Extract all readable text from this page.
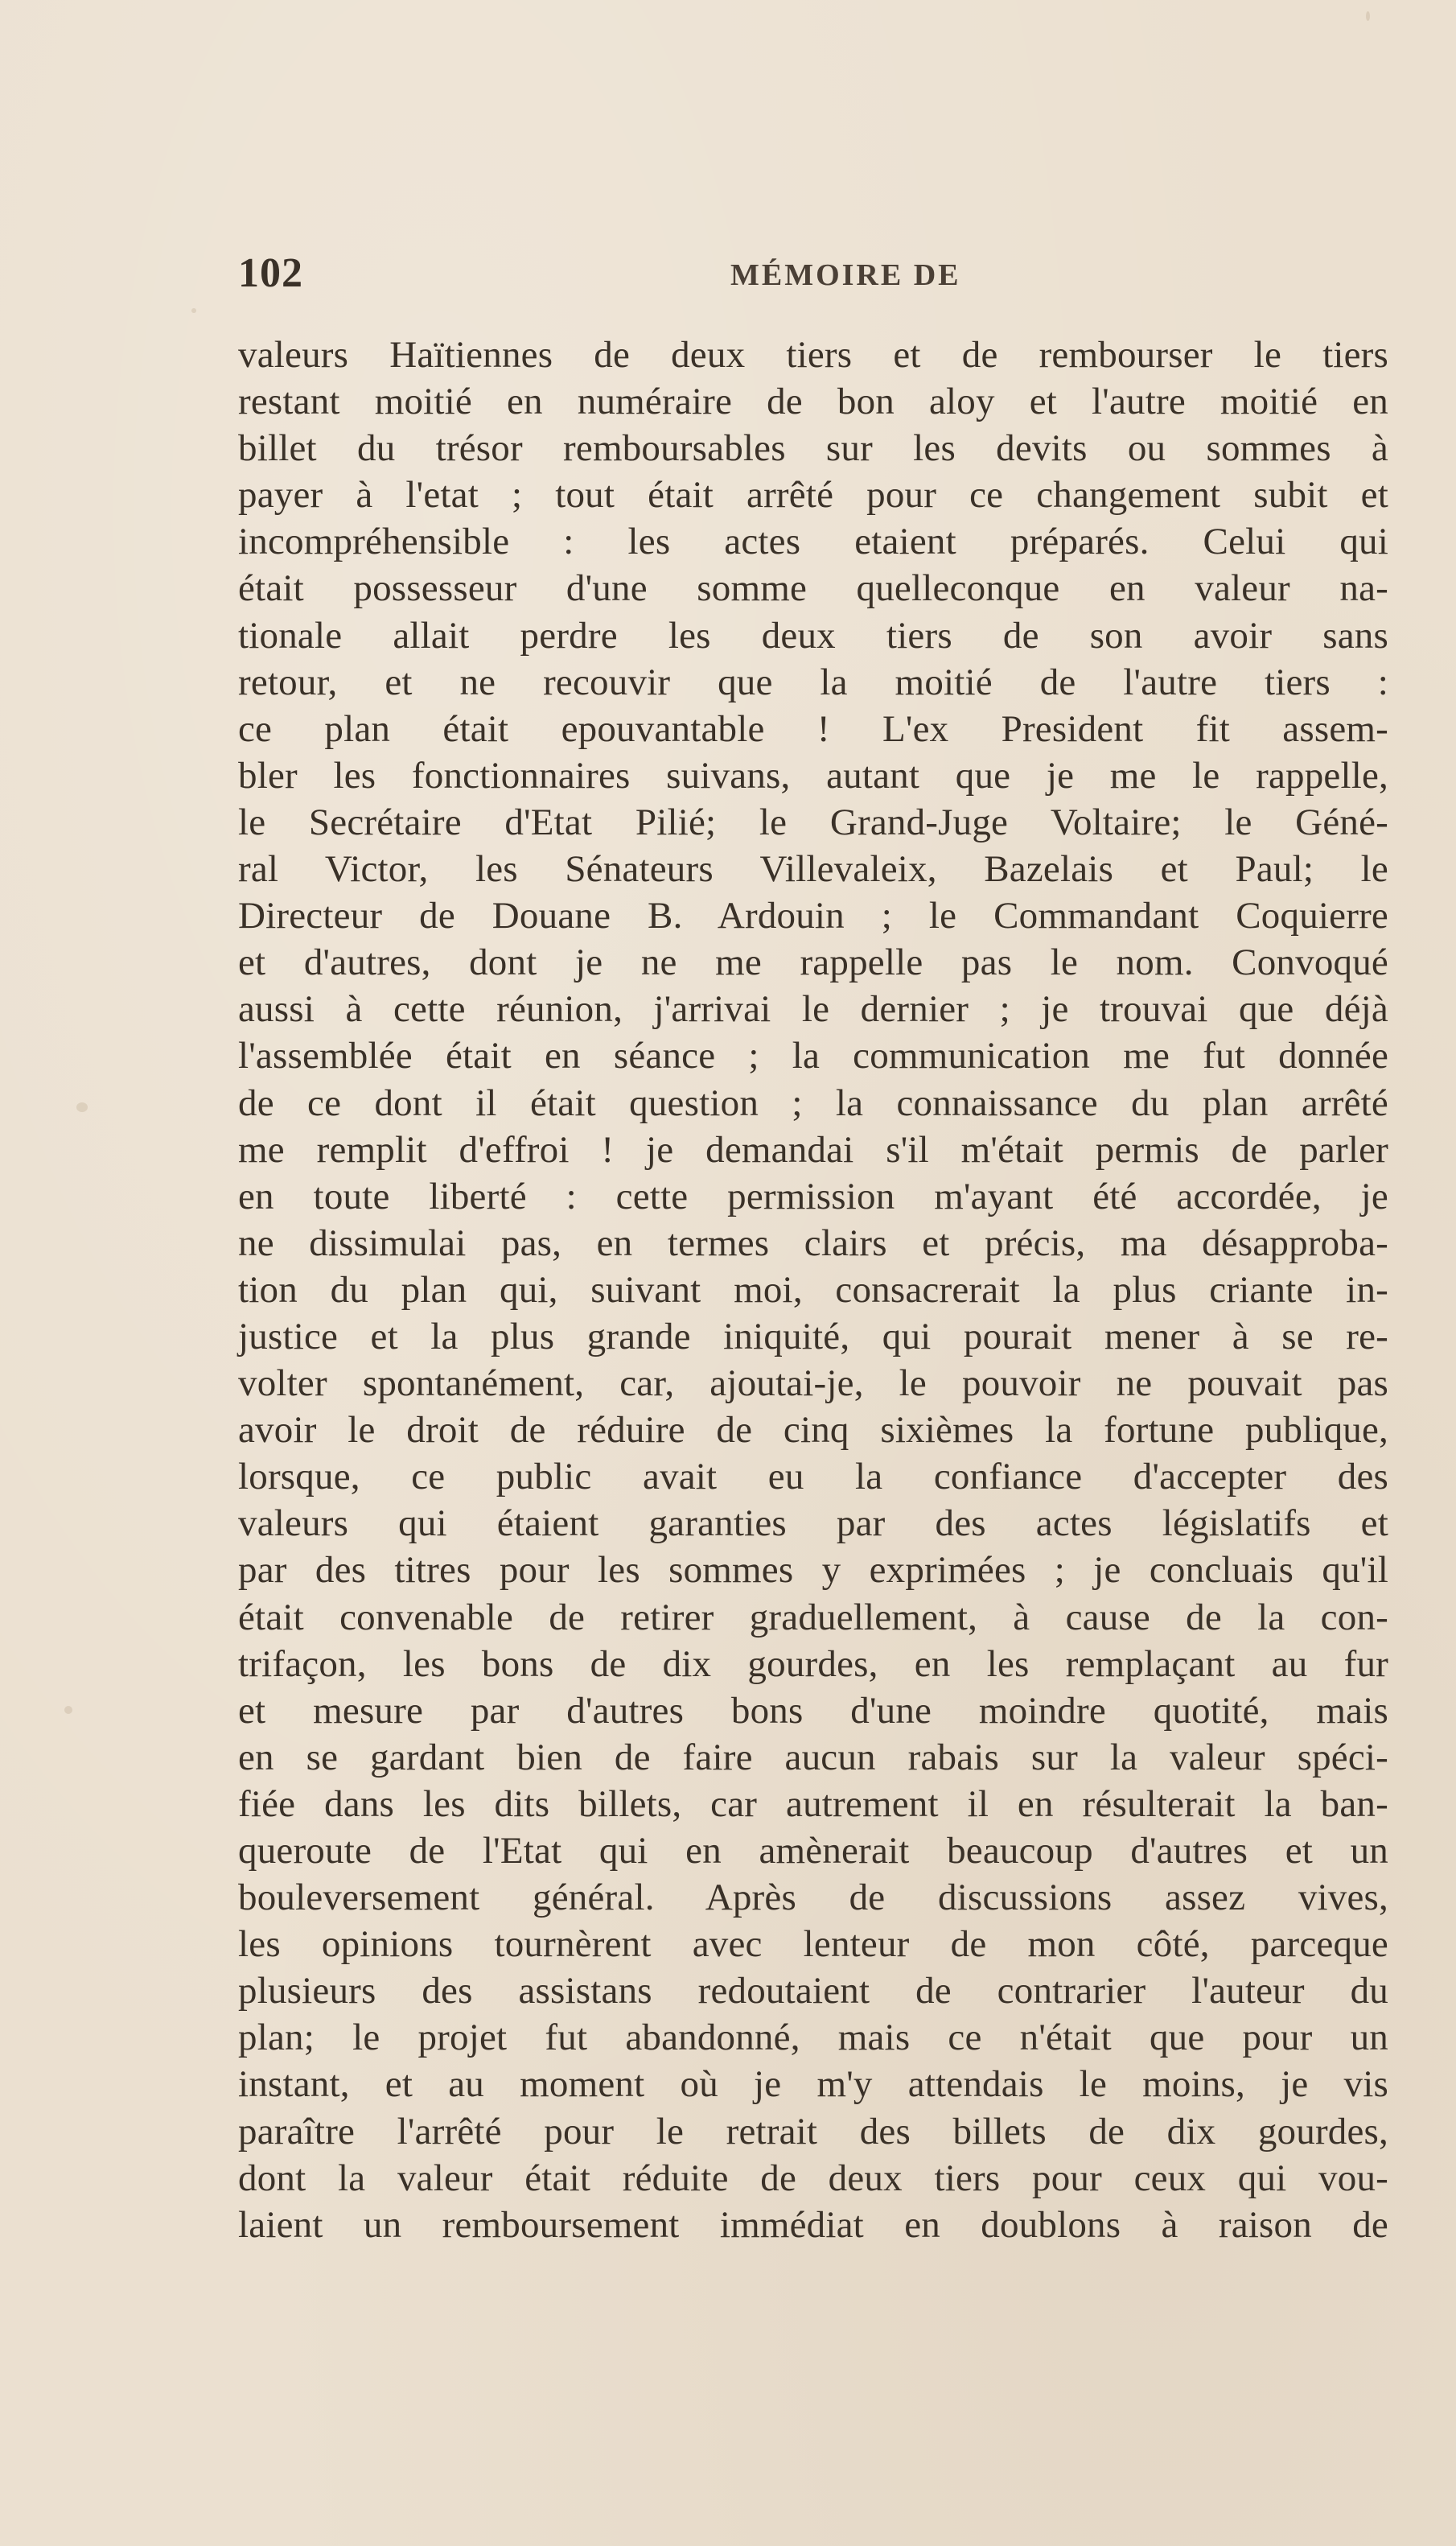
102	MÉMOIRE DE
valeurs Haïtiennes de deux tiers et de rembourser le tiers
restant moitié en numéraire de bon aloy et l'autre moitié en
billet du trésor remboursables sur les devits ou sommes à
payer à l'etat ; tout était arrêté pour ce changement subit et
incompréhensible : les actes etaient préparés. Celui qui
était possesseur d'une somme quelleconque en valeur na-
tionale allait perdre les deux tiers de son avoir sans
retour, et ne recouvir que la moitié de l'autre tiers :
ce plan était epouvantable ! L'ex President fit assem-
bler les fonctionnaires suivans, autant que je me le rappelle,
le Secrétaire d'Etat Pilié; le Grand-Juge Voltaire; le Géné-
ral Victor, les Sénateurs Villevaleix, Bazelais et Paul; le
Directeur de Douane B. Ardouin ; le Commandant Coquierre
et d'autres, dont je ne me rappelle pas le nom. Convoqué
aussi à cette réunion, j'arrivai le dernier ; je trouvai que déjà
l'assemblée était en séance ; la communication me fut donnée
de ce dont il était question ; la connaissance du plan arrêté
me remplit d'effroi ! je demandai s'il m'était permis de parler
en toute liberté : cette permission m'ayant été accordée, je
ne dissimulai pas, en termes clairs et précis, ma désapproba-
tion du plan qui, suivant moi, consacrerait la plus criante in-
justice et la plus grande iniquité, qui pourait mener à se re-
volter spontanément, car, ajoutai-je, le pouvoir ne pouvait pas
avoir le droit de réduire de cinq sixièmes la fortune publique,
lorsque, ce public avait eu la confiance d'accepter des
valeurs qui étaient garanties par des actes législatifs et
par des titres pour les sommes y exprimées ; je concluais qu'il
était convenable de retirer graduellement, à cause de la con-
trifaçon, les bons de dix gourdes, en les remplaçant au fur
et mesure par d'autres bons d'une moindre quotité, mais
en se gardant bien de faire aucun rabais sur la valeur spéci-
fiée dans les dits billets, car autrement il en résulterait la ban-
queroute de l'Etat qui en amènerait beaucoup d'autres et un
bouleversement général. Après de discussions assez vives,
les opinions tournèrent avec lenteur de mon côté, parceque
plusieurs des assistans redoutaient de contrarier l'auteur du
plan; le projet fut abandonné, mais ce n'était que pour un
instant, et au moment où je m'y attendais le moins, je vis
paraître l'arrêté pour le retrait des billets de dix gourdes,
dont la valeur était réduite de deux tiers pour ceux qui vou-
laient un remboursement immédiat en doublons à raison de
